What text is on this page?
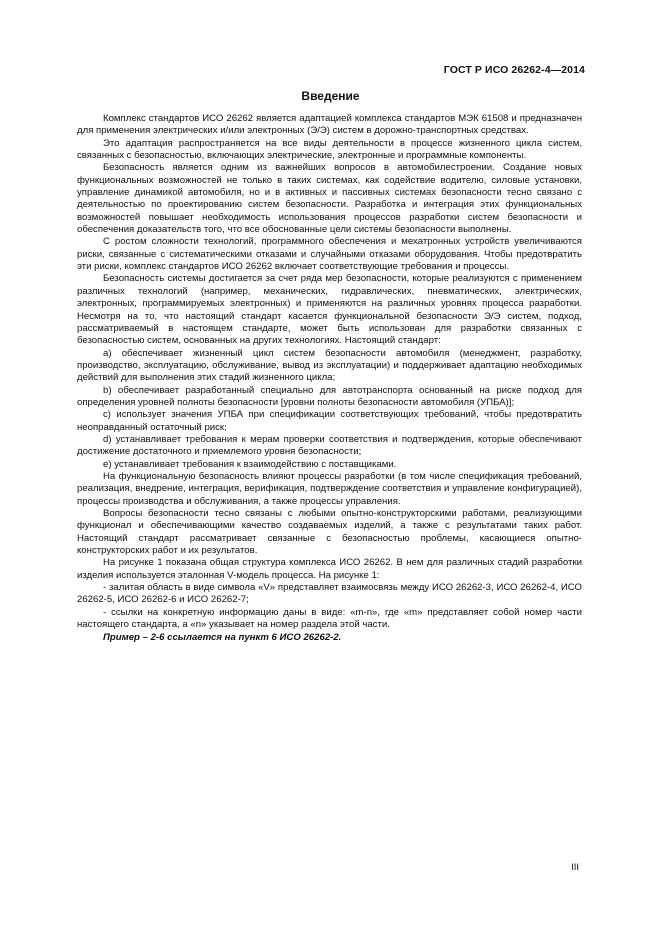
ГОСТ Р ИСО 26262-4—2014
Введение

Комплекс стандартов ИСО 26262 является адаптацией комплекса стандартов МЭК 61508 и предназначен для применения электрических и/или электронных (Э/Э) систем в дорожно-транспортных средствах.

Это адаптация распространяется на все виды деятельности в процессе жизненного цикла систем, связанных с безопасностью, включающих электрические, электронные и программные компоненты.

Безопасность является одним из важнейших вопросов в автомобилестроении. Создание новых функциональных возможностей не только в таких системах, как содействие водителю, силовые установки, управление динамикой автомобиля, но и в активных и пассивных системах безопасности тесно связано с деятельностью по проектированию систем безопасности. Разработка и интеграция этих функциональных возможностей повышает необходимость использования процессов разработки систем безопасности и обеспечения доказательств того, что все обоснованные цели системы безопасности выполнены.

С ростом сложности технологий, программного обеспечения и мехатронных устройств увеличиваются риски, связанные с систематическими отказами и случайными отказами оборудования. Чтобы предотвратить эти риски, комплекс стандартов ИСО 26262 включает соответствующие требования и процессы.

Безопасность системы достигается за счет ряда мер безопасности, которые реализуются с применением различных технологий (например, механических, гидравлических, пневматических, электрических, электронных, программируемых электронных) и применяются на различных уровнях процесса разработки. Несмотря на то, что настоящий стандарт касается функциональной безопасности Э/Э систем, подход, рассматриваемый в настоящем стандарте, может быть использован для разработки связанных с безопасностью систем, основанных на других технологиях. Настоящий стандарт:

a) обеспечивает жизненный цикл систем безопасности автомобиля (менеджмент, разработку, производство, эксплуатацию, обслуживание, вывод из эксплуатации) и поддерживает адаптацию необходимых действий для выполнения этих стадий жизненного цикла;

b) обеспечивает разработанный специально для автотранспорта основанный на риске подход для определения уровней полноты безопасности [уровни полноты безопасности автомобиля (УПБА)];

c) использует значения УПБА при спецификации соответствующих требований, чтобы предотвратить неоправданный остаточный риск;

d) устанавливает требования к мерам проверки соответствия и подтверждения, которые обеспечивают достижение достаточного и приемлемого уровня безопасности;

e) устанавливает требования к взаимодействию с поставщиками.

На функциональную безопасность влияют процессы разработки (в том числе спецификация требований, реализация, внедрение, интеграция, верификация, подтверждение соответствия и управление конфигурацией), процессы производства и обслуживания, а также процессы управления.

Вопросы безопасности тесно связаны с любыми опытно-конструкторскими работами, реализующими функционал и обеспечивающими качество создаваемых изделий, а также с результатами таких работ. Настоящий стандарт рассматривает связанные с безопасностью проблемы, касающиеся опытно-конструкторских работ и их результатов.

На рисунке 1 показана общая структура комплекса ИСО 26262. В нем для различных стадий разработки изделия используется эталонная V-модель процесса. На рисунке 1:

- залитая область в виде символа «V» представляет взаимосвязь между ИСО 26262-3, ИСО 26262-4, ИСО 26262-5, ИСО 26262-6 и ИСО 26262-7;

- ссылки на конкретную информацию даны в виде: «m-n», где «m» представляет собой номер части настоящего стандарта, а «n» указывает на номер раздела этой части.

Пример – 2-6 ссылается на пункт 6 ИСО 26262-2.

III
